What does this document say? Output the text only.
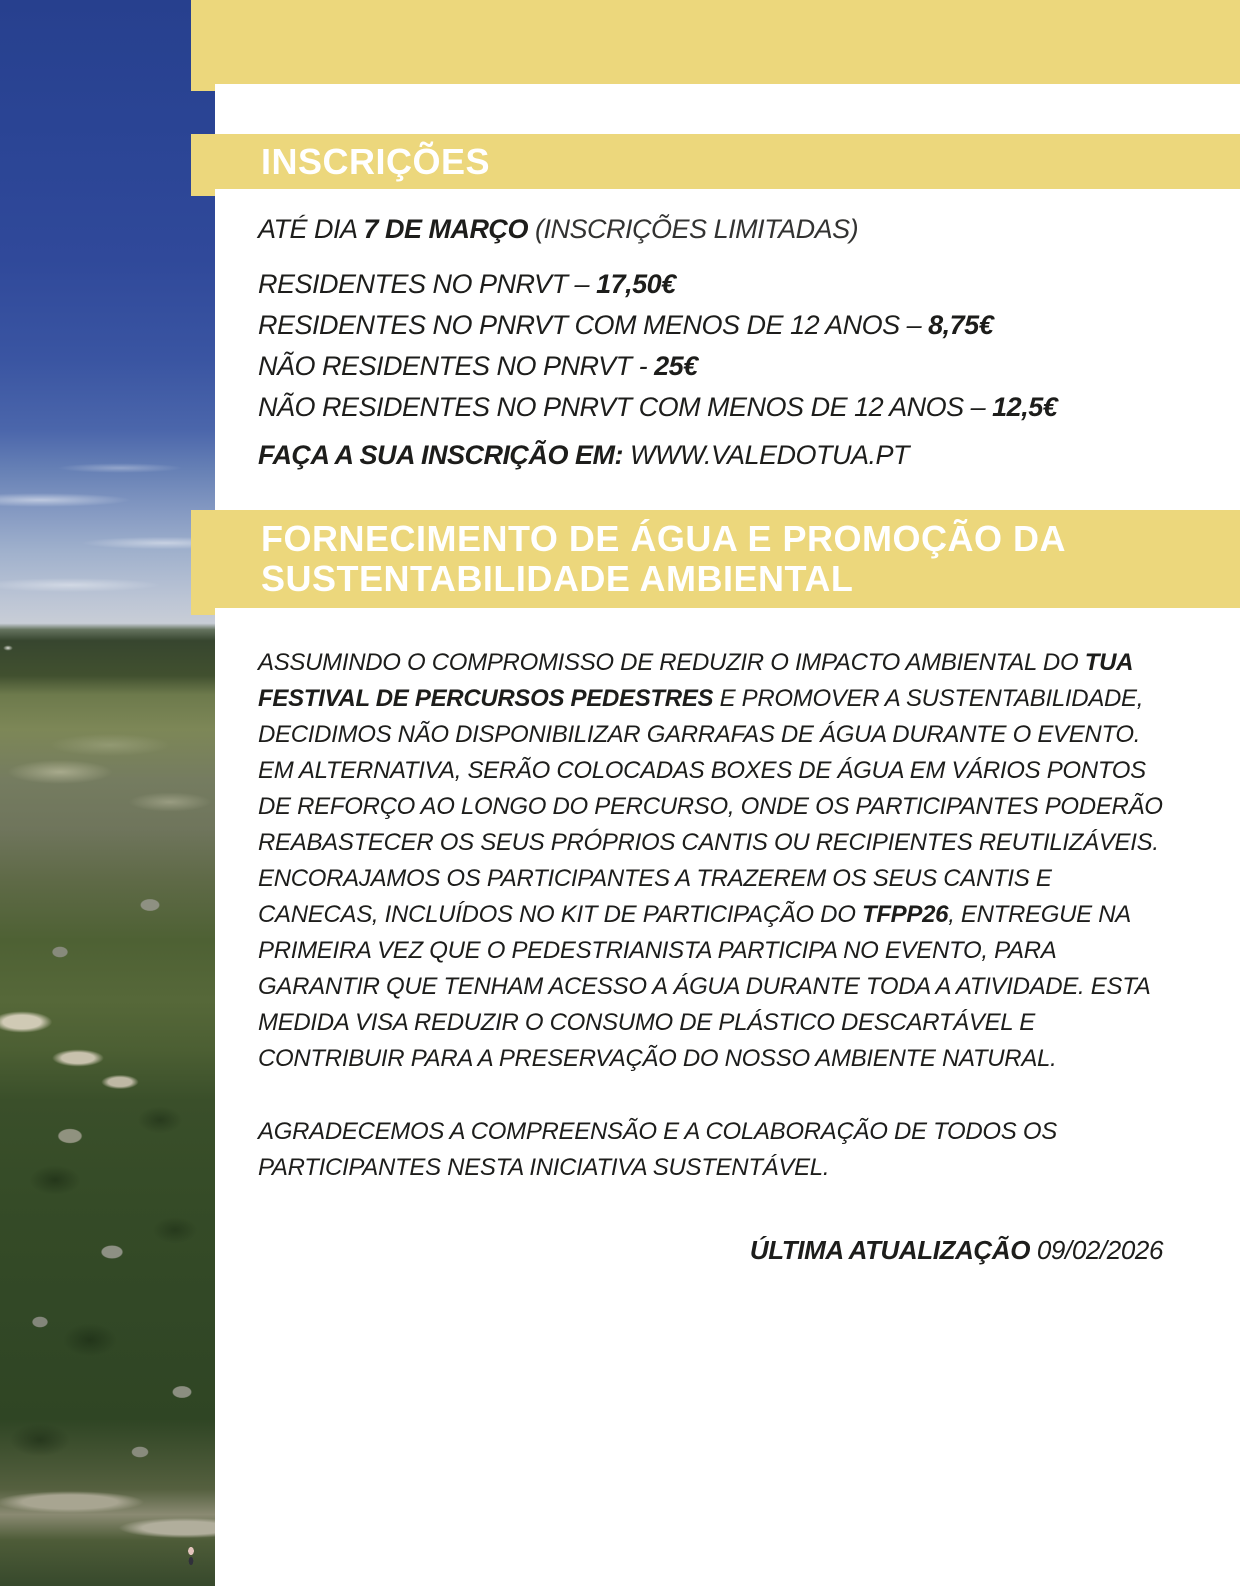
INSCRIÇÕES
ATÉ DIA 7 DE MARÇO (INSCRIÇÕES LIMITADAS)
RESIDENTES NO PNRVT – 17,50€
RESIDENTES NO PNRVT COM MENOS DE 12 ANOS – 8,75€
NÃO RESIDENTES NO PNRVT - 25€
NÃO RESIDENTES NO PNRVT COM MENOS DE 12 ANOS – 12,5€
FAÇA A SUA INSCRIÇÃO EM: WWW.VALEDOTUA.PT
FORNECIMENTO DE ÁGUA E PROMOÇÃO DA SUSTENTABILIDADE AMBIENTAL

ASSUMINDO O COMPROMISSO DE REDUZIR O IMPACTO AMBIENTAL DO TUA FESTIVAL DE PERCURSOS PEDESTRES E PROMOVER A SUSTENTABILIDADE, DECIDIMOS NÃO DISPONIBILIZAR GARRAFAS DE ÁGUA DURANTE O EVENTO. EM ALTERNATIVA, SERÃO COLOCADAS BOXES DE ÁGUA EM VÁRIOS PONTOS DE REFORÇO AO LONGO DO PERCURSO, ONDE OS PARTICIPANTES PODERÃO REABASTECER OS SEUS PRÓPRIOS CANTIS OU RECIPIENTES REUTILIZÁVEIS. ENCORAJAMOS OS PARTICIPANTES A TRAZEREM OS SEUS CANTIS E CANECAS, INCLUÍDOS NO KIT DE PARTICIPAÇÃO DO TFPP26, ENTREGUE NA PRIMEIRA VEZ QUE O PEDESTRIANISTA PARTICIPA NO EVENTO, PARA GARANTIR QUE TENHAM ACESSO A ÁGUA DURANTE TODA A ATIVIDADE. ESTA MEDIDA VISA REDUZIR O CONSUMO DE PLÁSTICO DESCARTÁVEL E CONTRIBUIR PARA A PRESERVAÇÃO DO NOSSO AMBIENTE NATURAL.

AGRADECEMOS A COMPREENSÃO E A COLABORAÇÃO DE TODOS OS PARTICIPANTES NESTA INICIATIVA SUSTENTÁVEL.

ÚLTIMA ATUALIZAÇÃO 09/02/2026
